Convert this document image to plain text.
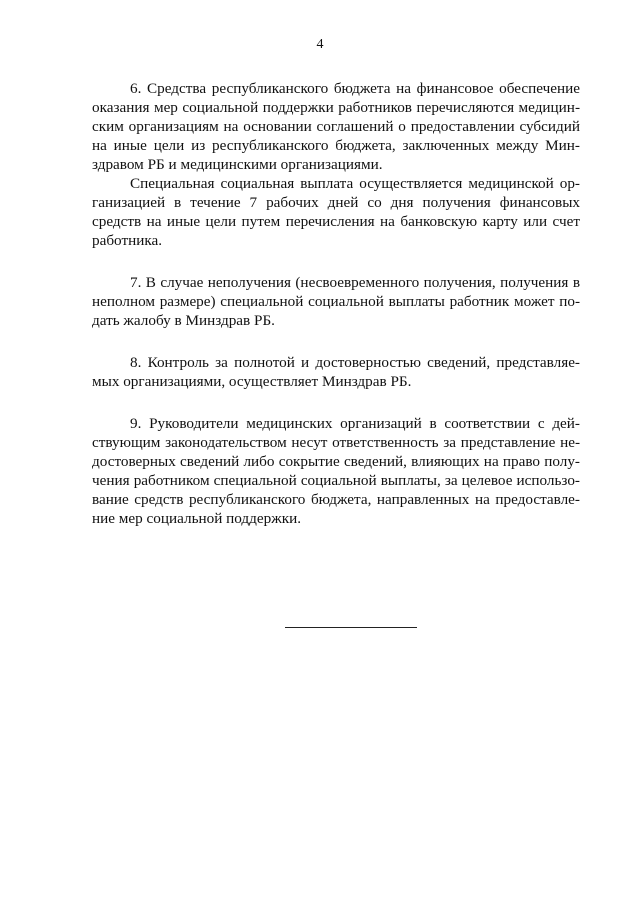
4
6. Средства республиканского бюджета на финансовое обеспечение
оказания мер социальной поддержки работников перечисляются медицин-
ским организациям на основании соглашений о предоставлении субсидий
на иные цели из республиканского бюджета, заключенных между Мин-
здравом РБ и медицинскими организациями.
Специальная социальная выплата осуществляется медицинской ор-
ганизацией в течение 7 рабочих дней со дня получения финансовых
средств на иные цели путем перечисления на банковскую карту или счет
работника.
7. В случае неполучения (несвоевременного получения, получения в
неполном размере) специальной социальной выплаты работник может по-
дать жалобу в Минздрав РБ.
8. Контроль за полнотой и достоверностью сведений, представляе-
мых организациями, осуществляет Минздрав РБ.
9. Руководители медицинских организаций в соответствии с дей-
ствующим законодательством несут ответственность за представление не-
достоверных сведений либо сокрытие сведений, влияющих на право полу-
чения работником специальной социальной выплаты, за целевое использо-
вание средств республиканского бюджета, направленных на предоставле-
ние мер социальной поддержки.
